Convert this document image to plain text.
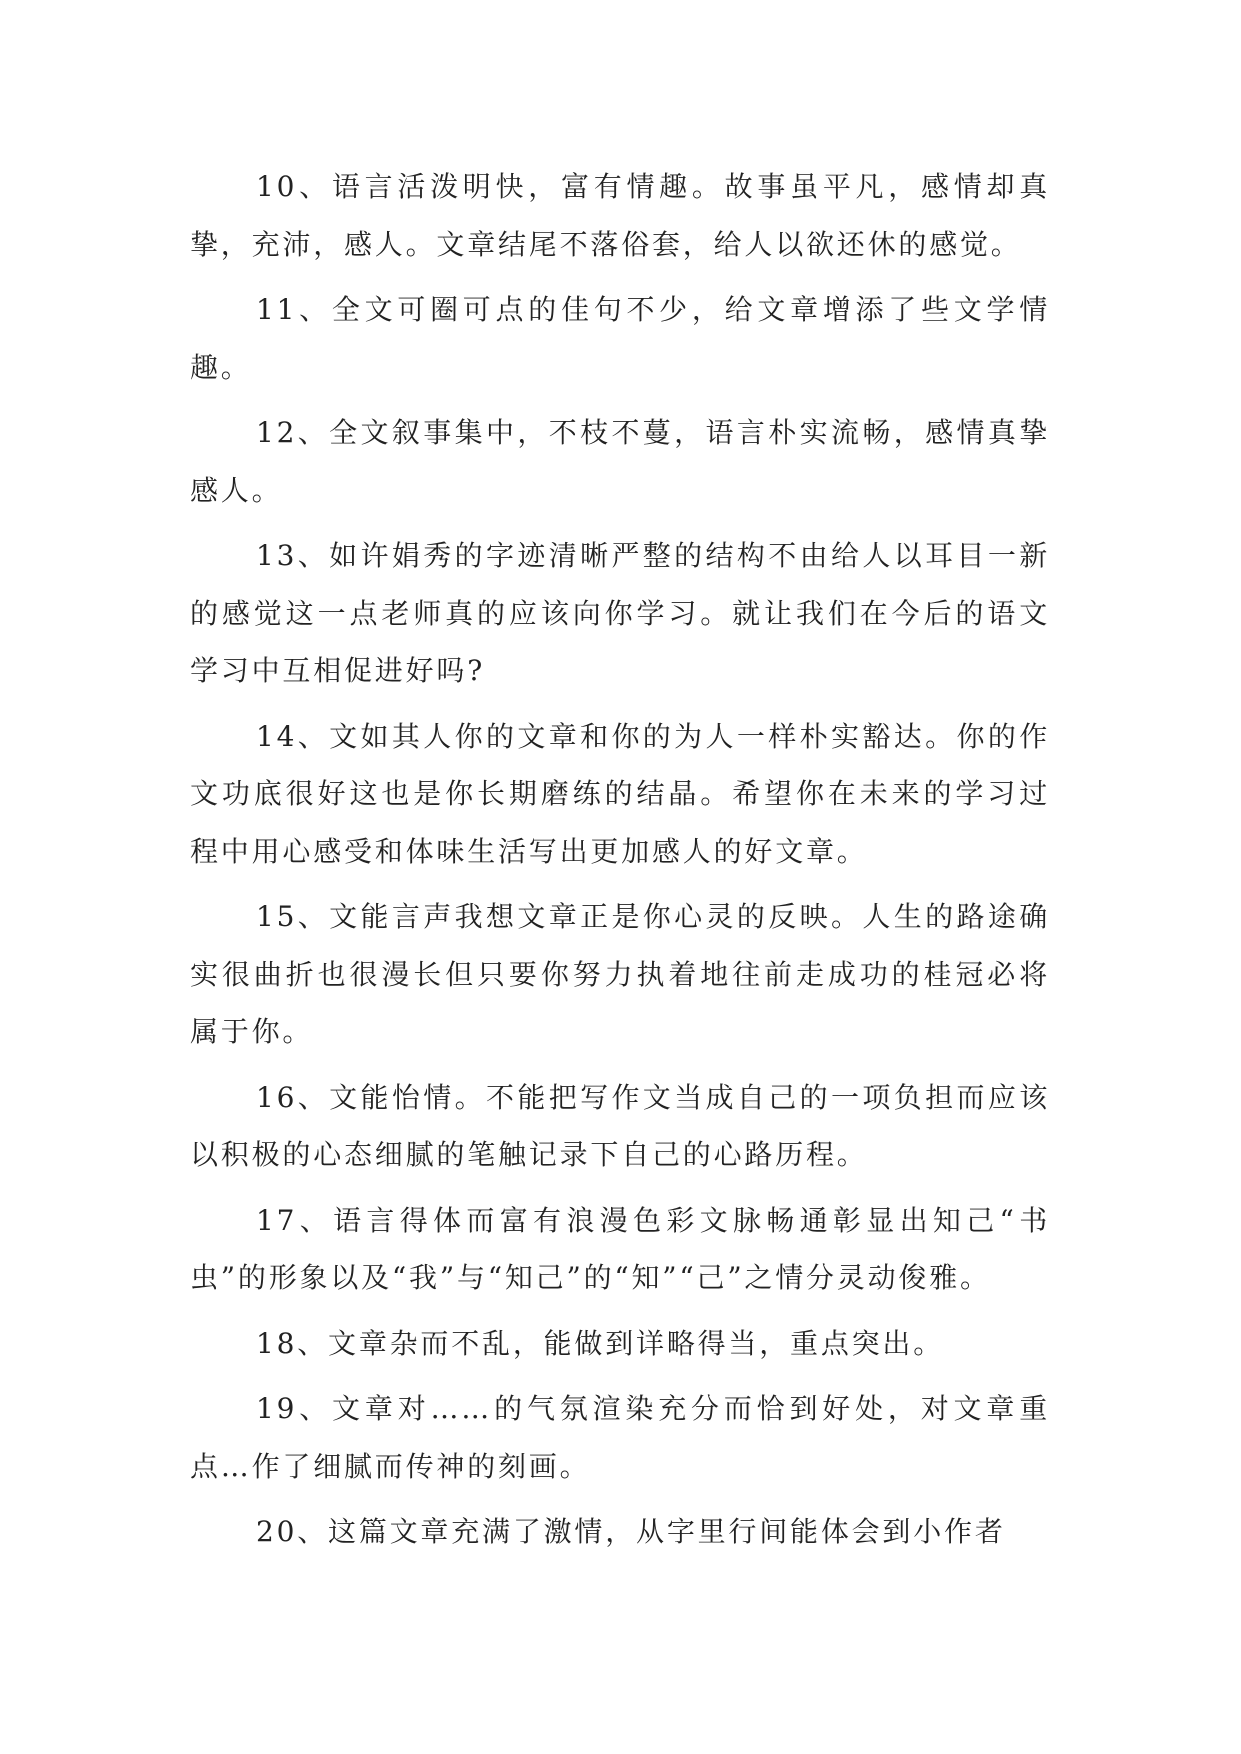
10、语言活泼明快，富有情趣。故事虽平凡，感情却真挚，充沛，感人。文章结尾不落俗套，给人以欲还休的感觉。

11、全文可圈可点的佳句不少，给文章增添了些文学情趣。

12、全文叙事集中，不枝不蔓，语言朴实流畅，感情真挚感人。

13、如许娟秀的字迹清晰严整的结构不由给人以耳目一新的感觉这一点老师真的应该向你学习。就让我们在今后的语文学习中互相促进好吗?

14、文如其人你的文章和你的为人一样朴实豁达。你的作文功底很好这也是你长期磨练的结晶。希望你在未来的学习过程中用心感受和体味生活写出更加感人的好文章。

15、文能言声我想文章正是你心灵的反映。人生的路途确实很曲折也很漫长但只要你努力执着地往前走成功的桂冠必将属于你。

16、文能怡情。不能把写作文当成自己的一项负担而应该以积极的心态细腻的笔触记录下自己的心路历程。

17、语言得体而富有浪漫色彩文脉畅通彰显出知己“书虫”的形象以及“我”与“知己”的“知”“己”之情分灵动俊雅。

18、文章杂而不乱，能做到详略得当，重点突出。

19、文章对……的气氛渲染充分而恰到好处，对文章重点…作了细腻而传神的刻画。

20、这篇文章充满了激情，从字里行间能体会到小作者
